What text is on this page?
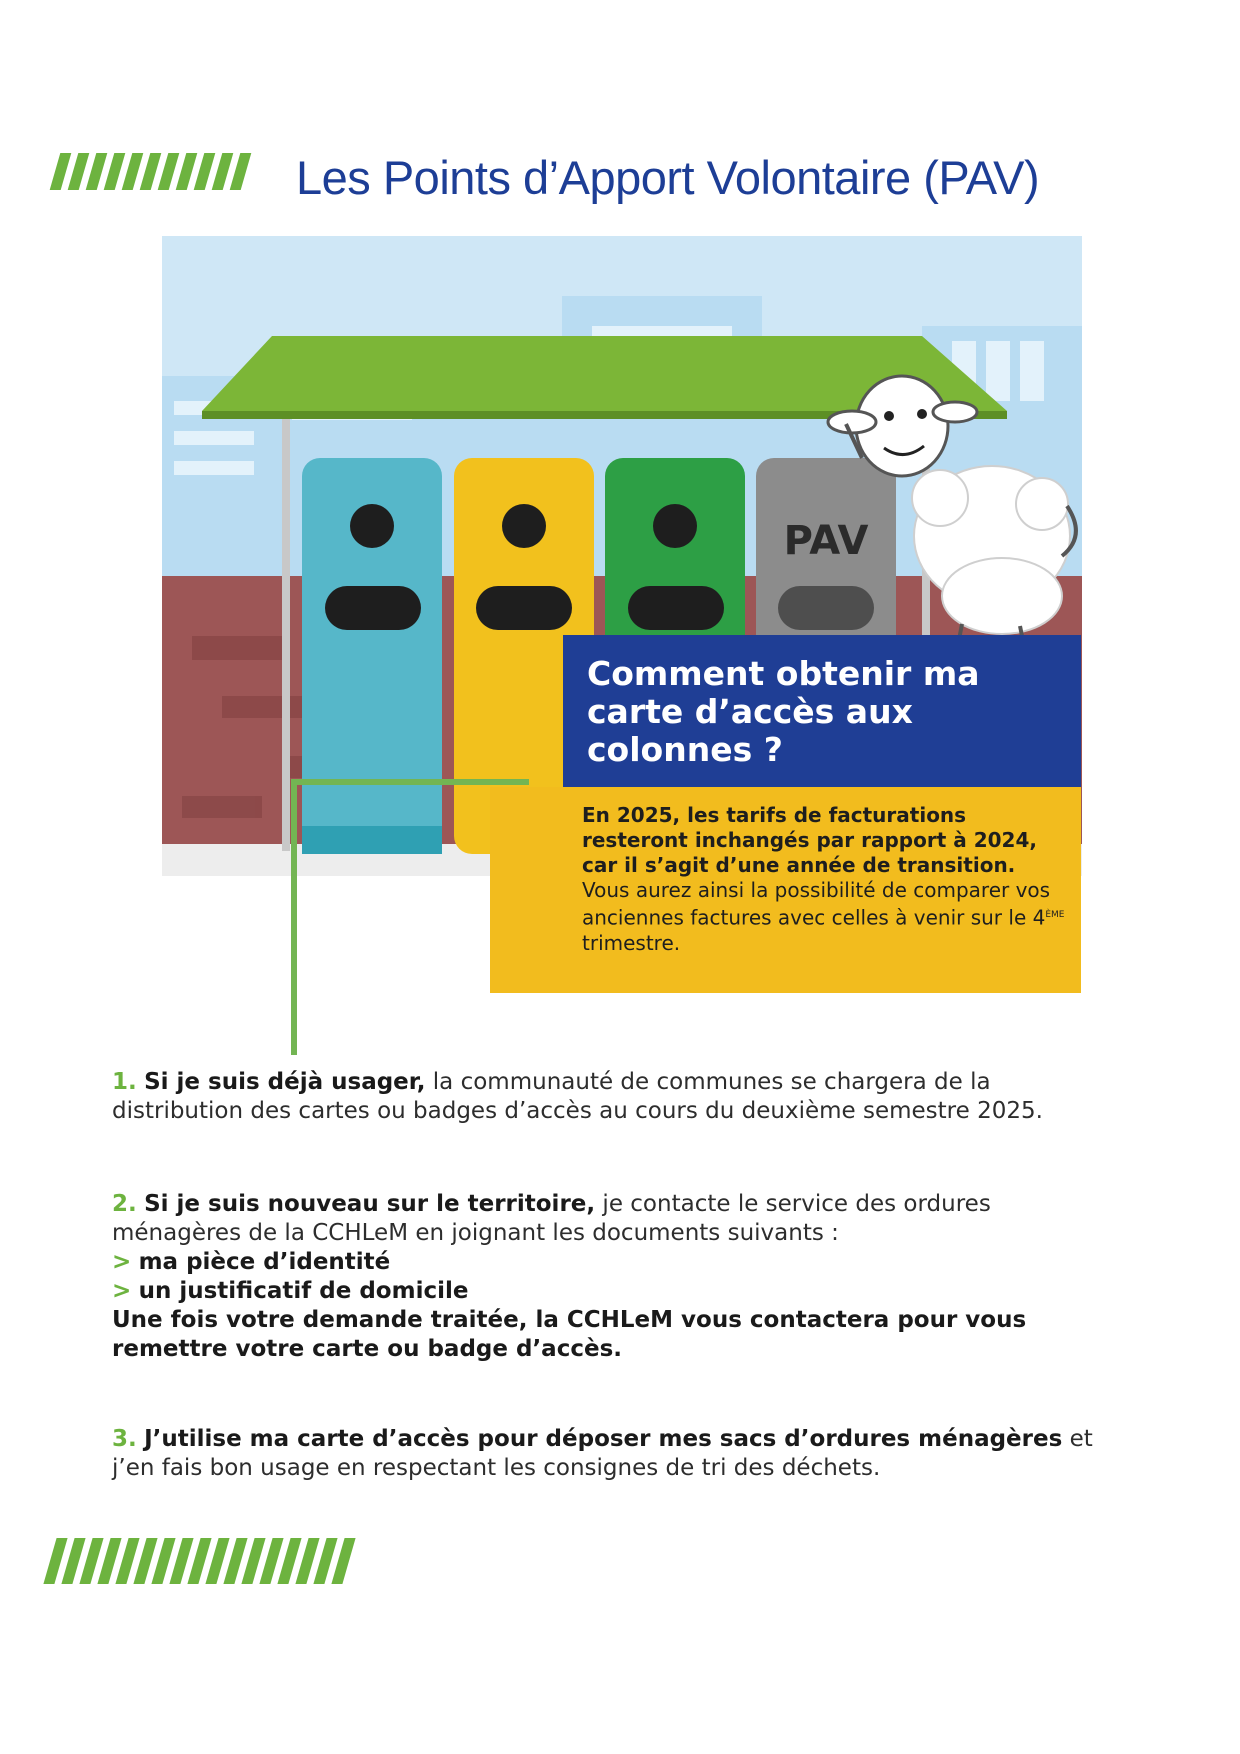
Les Points d’Apport Volontaire (PAV)
PAV
Comment obtenir ma carte d’accès aux colonnes ?
En 2025, les tarifs de facturations resteront inchangés par rapport à 2024, car il s’agit d’une année de transition.
Vous aurez ainsi la possibilité de comparer vos anciennes factures avec celles à venir sur le 4ÈME trimestre.
1. Si je suis déjà usager, la communauté de communes se chargera de la distribution des cartes ou badges d’accès au cours du deuxième semestre 2025.
2. Si je suis nouveau sur le territoire, je contacte le service des ordures ménagères de la CCHLeM en joignant les documents suivants :
> ma pièce d’identité
> un justificatif de domicile
Une fois votre demande traitée, la CCHLeM vous contactera pour vous remettre votre carte ou badge d’accès.
3. J’utilise ma carte d’accès pour déposer mes sacs d’ordures ménagères et j’en fais bon usage en respectant les consignes de tri des déchets.
